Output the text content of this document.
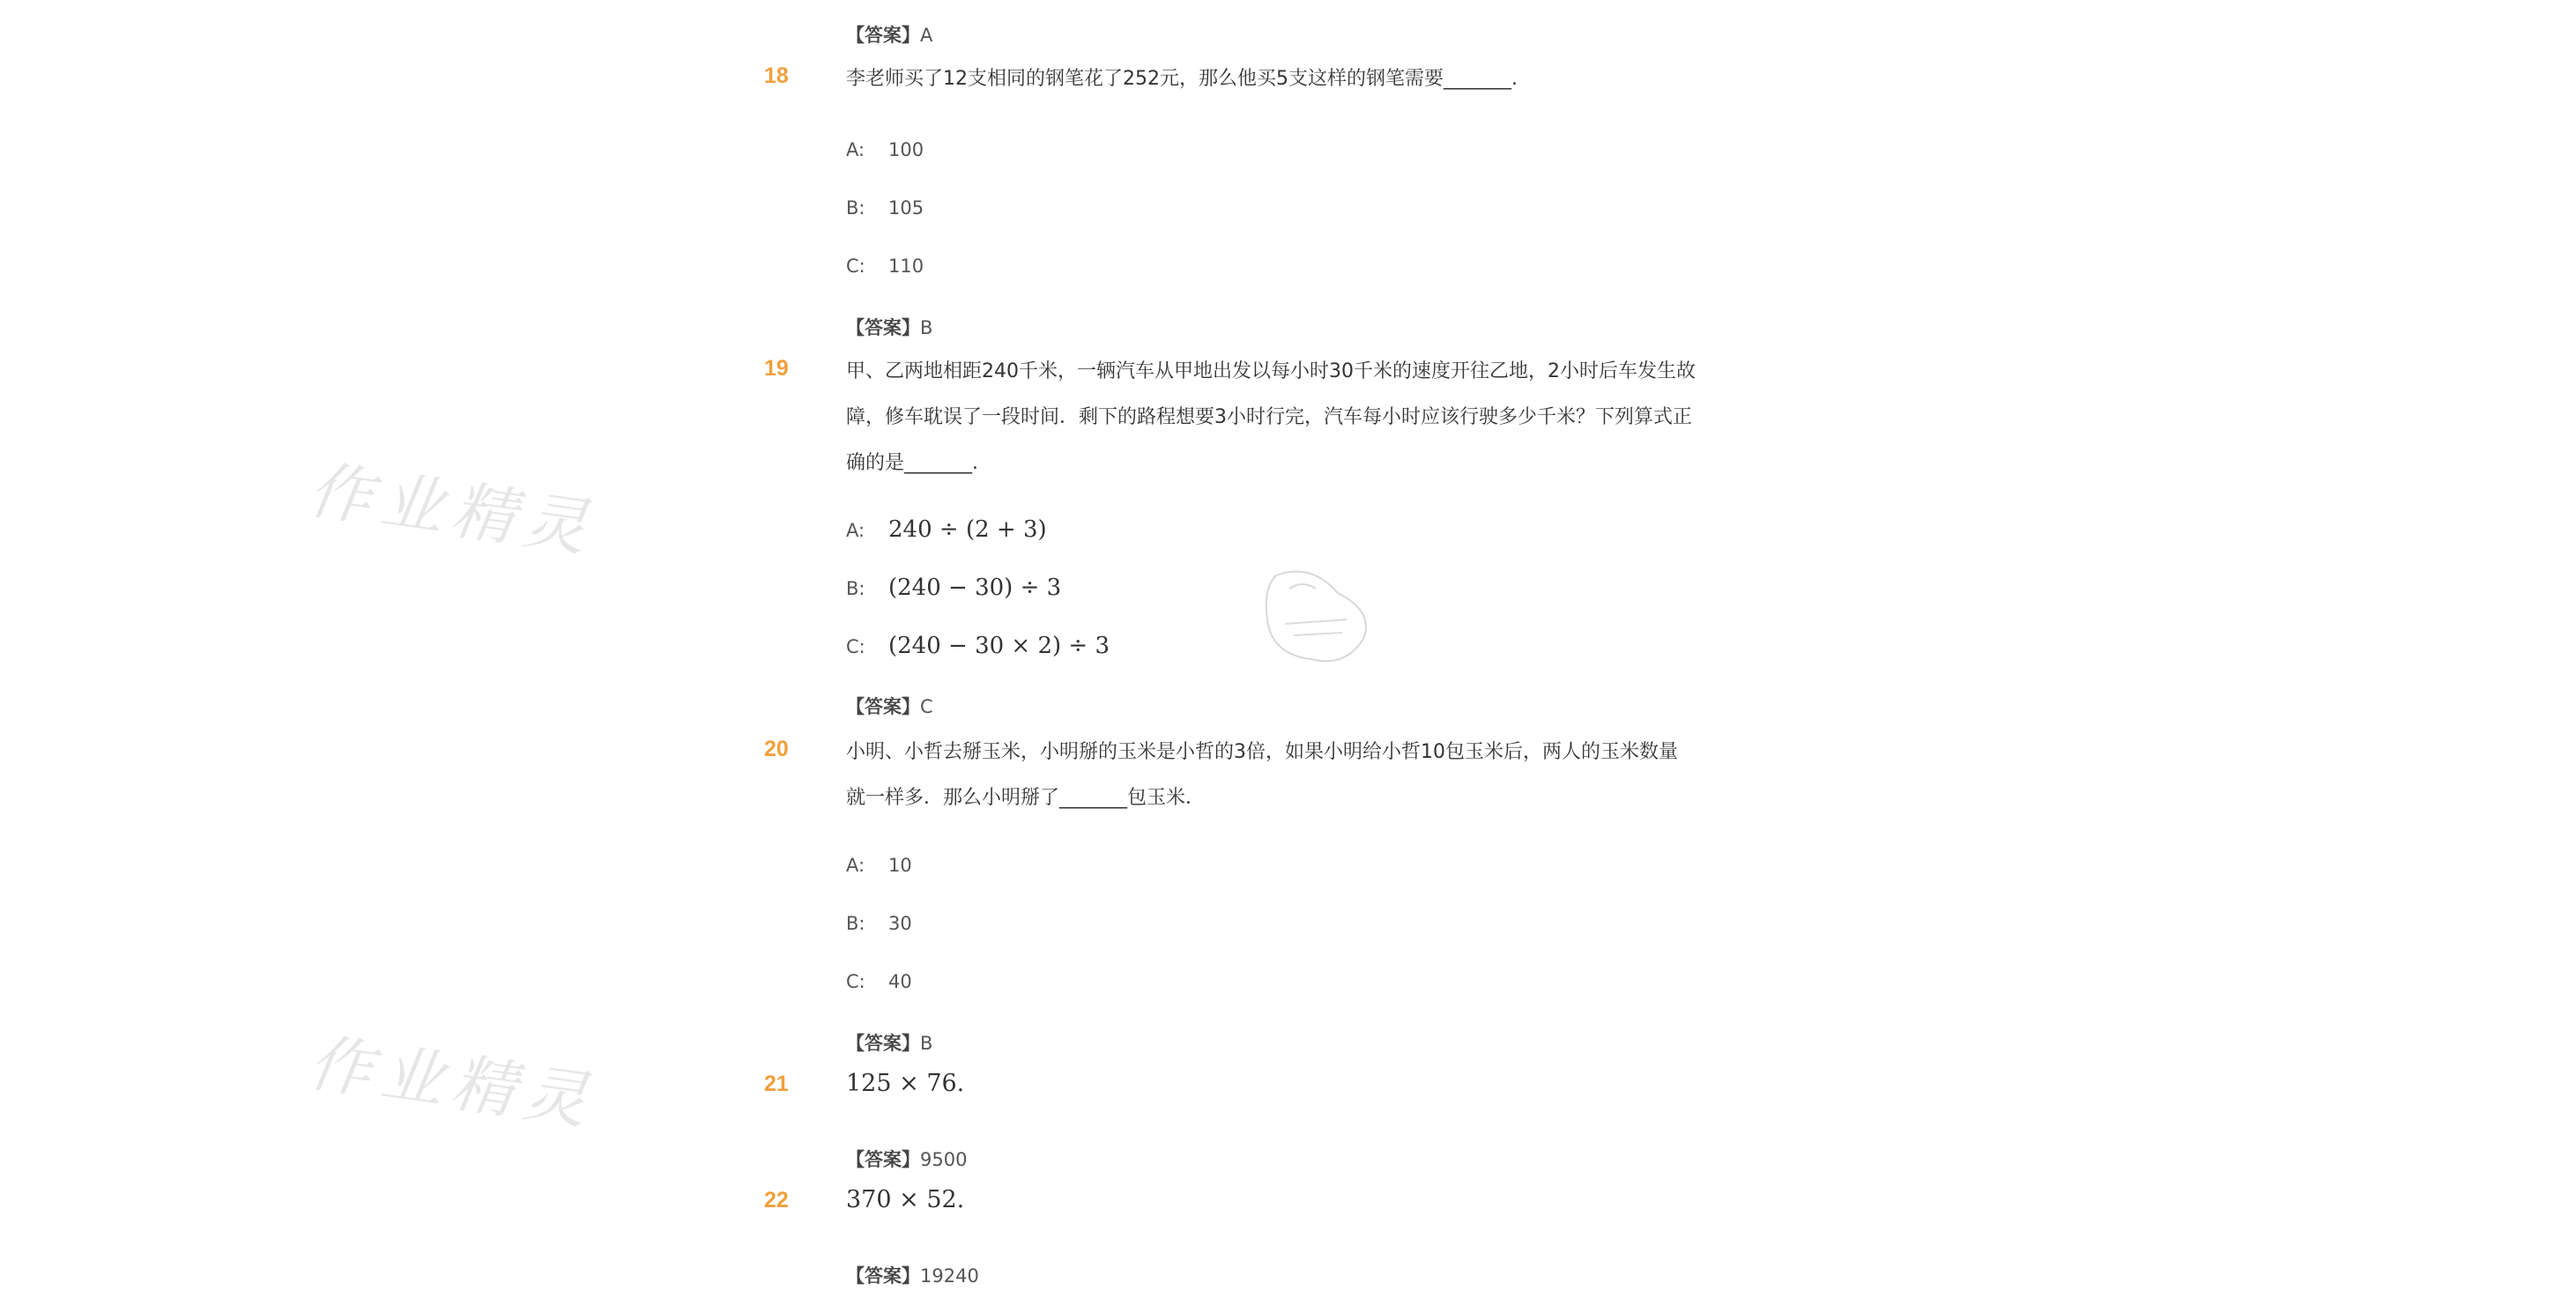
作业精灵
作业精灵
【答案】A
18	李老师买了12支相同的钢笔花了252元，那么他买5支这样的钢笔需要_______.
A: 100
B: 105
C: 110
【答案】B
19	甲、乙两地相距240千米，一辆汽车从甲地出发以每小时30千米的速度开往乙地，2小时后车发生故障，修车耽误了一段时间．剩下的路程想要3小时行完，汽车每小时应该行驶多少千米？下列算式正确的是_______.
A: 240 ÷ (2 + 3)
B: (240 − 30) ÷ 3
C: (240 − 30 × 2) ÷ 3
【答案】C
20	小明、小哲去掰玉米，小明掰的玉米是小哲的3倍，如果小明给小哲10包玉米后，两人的玉米数量就一样多．那么小明掰了_______包玉米．
A: 10
B: 30
C: 40
【答案】B
21 125 × 76.
【答案】9500
22 370 × 52.
【答案】19240
